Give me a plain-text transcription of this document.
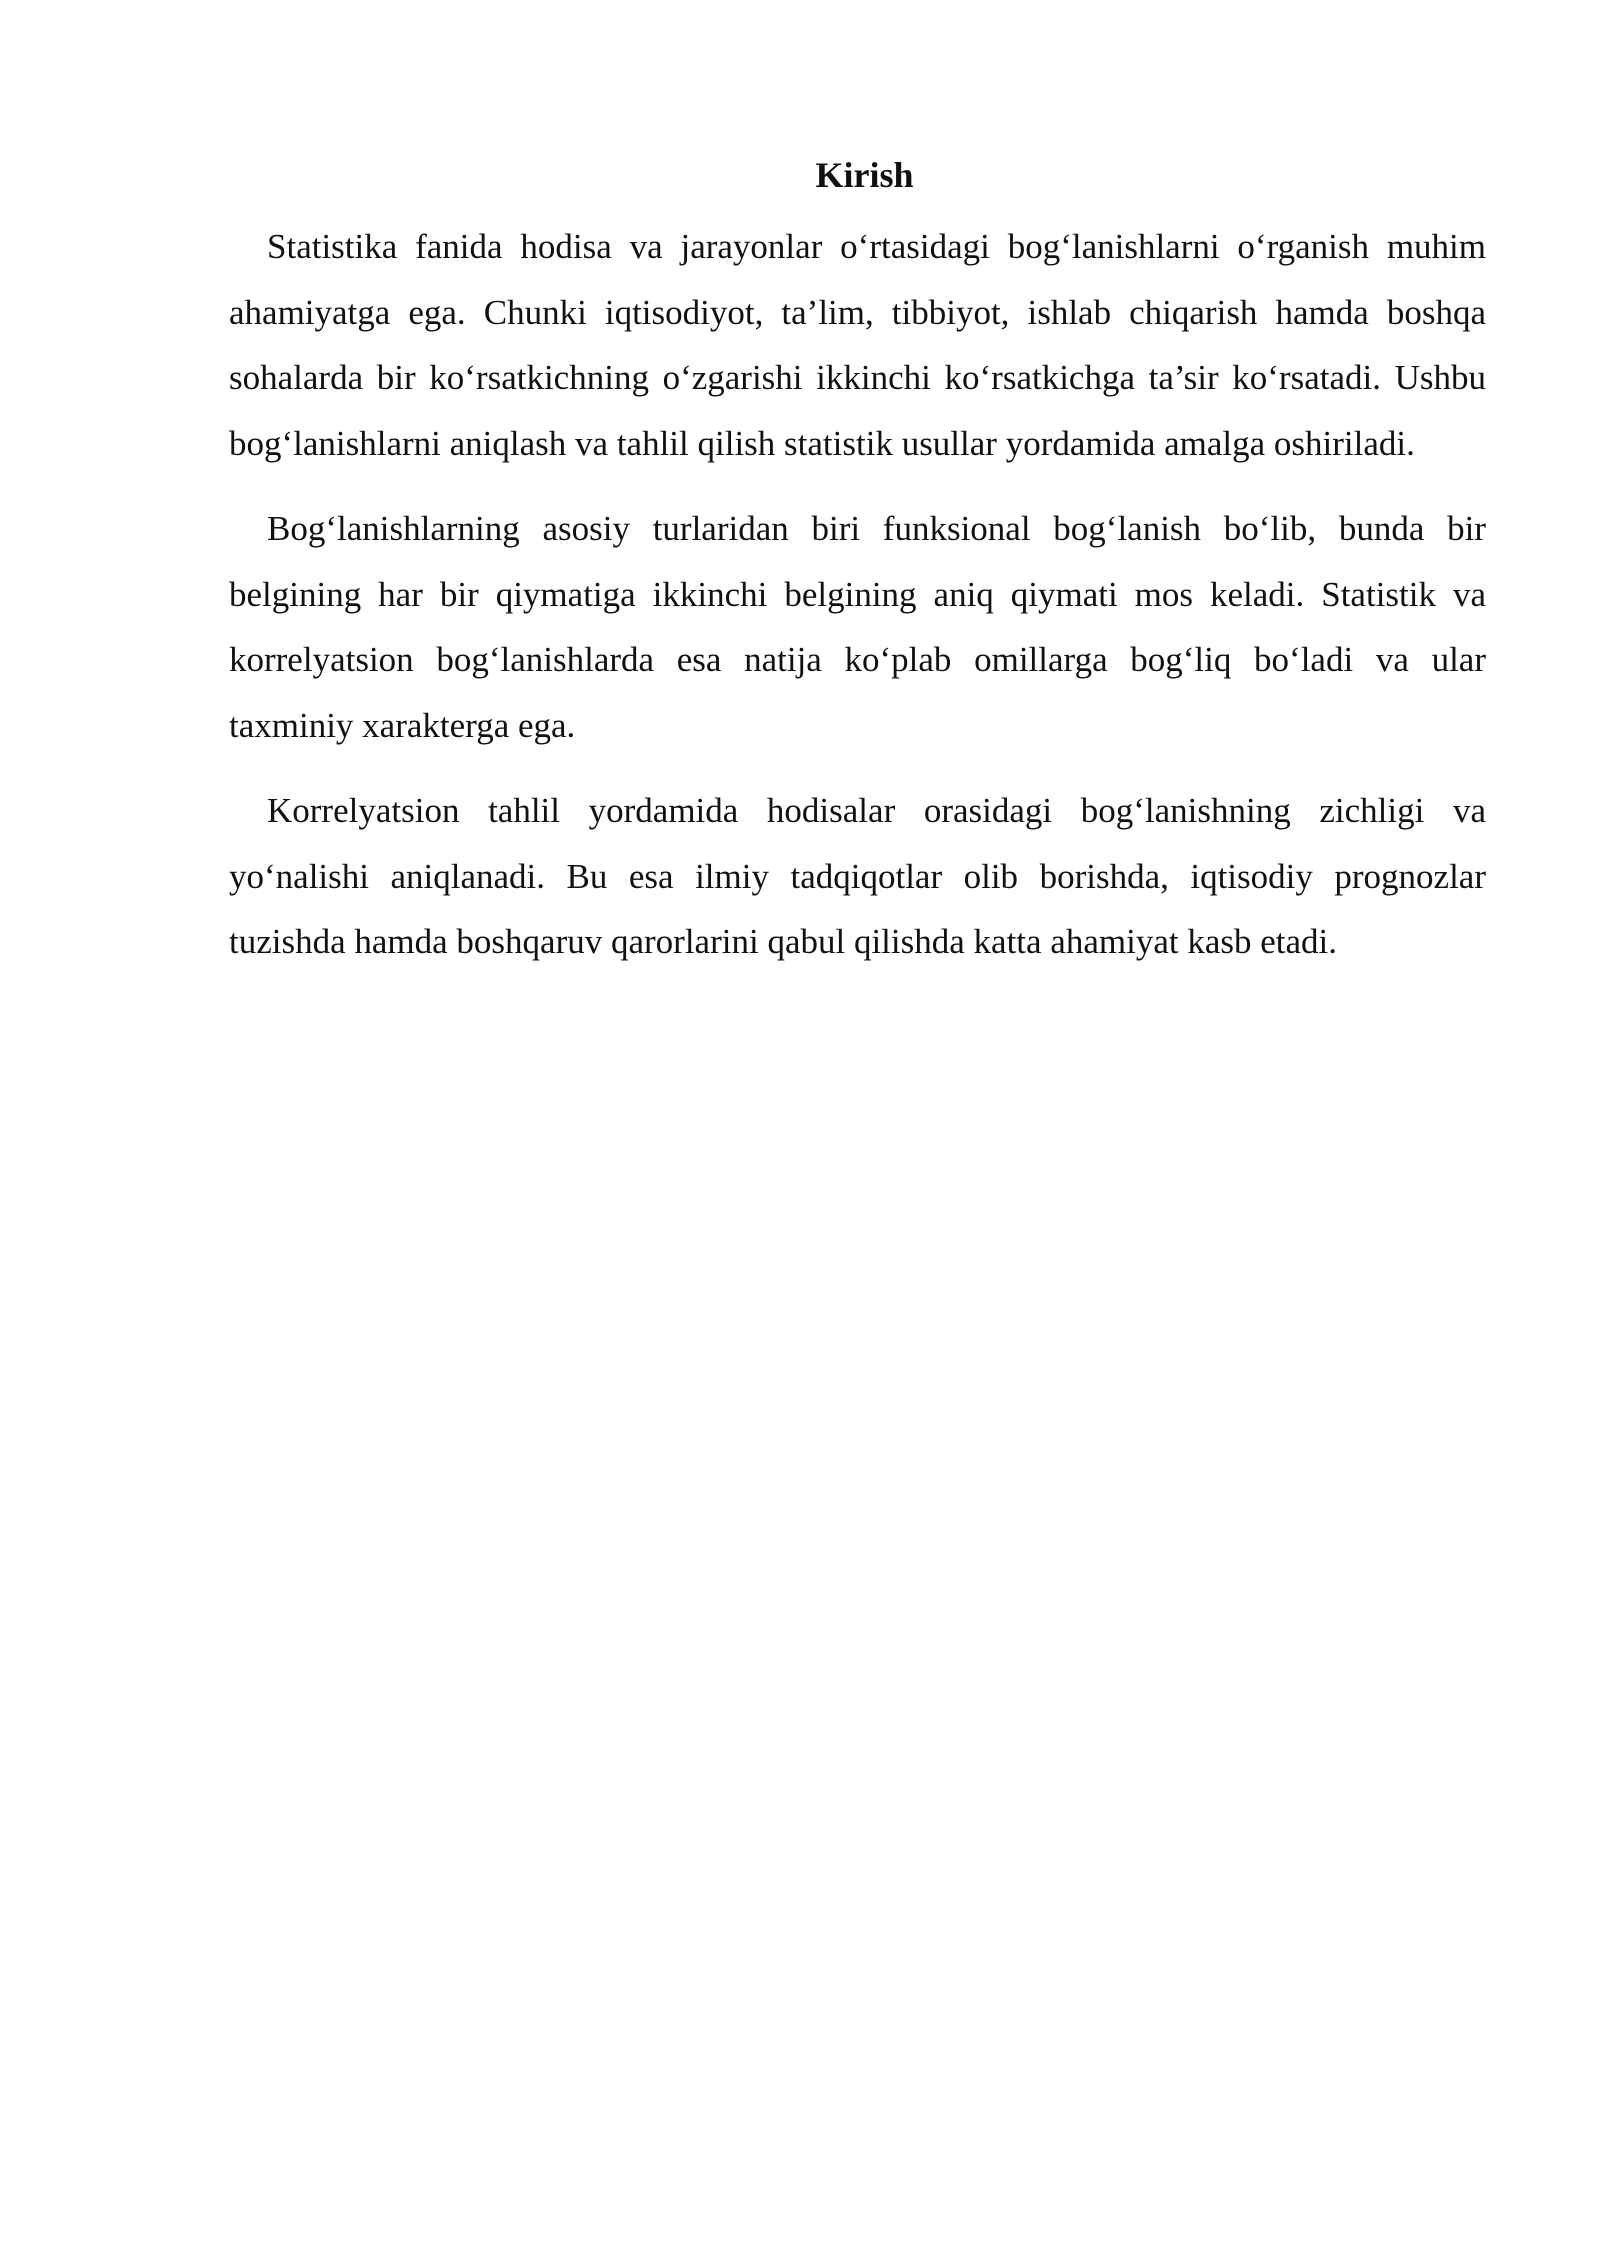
Kirish

Statistika fanida hodisa va jarayonlar o‘rtasidagi bog‘lanishlarni o‘rganish muhim ahamiyatga ega. Chunki iqtisodiyot, ta’lim, tibbiyot, ishlab chiqarish hamda boshqa sohalarda bir ko‘rsatkichning o‘zgarishi ikkinchi ko‘rsatkichga ta’sir ko‘rsatadi. Ushbu bog‘lanishlarni aniqlash va tahlil qilish statistik usullar yordamida amalga oshiriladi.

Bog‘lanishlarning asosiy turlaridan biri funksional bog‘lanish bo‘lib, bunda bir belgining har bir qiymatiga ikkinchi belgining aniq qiymati mos keladi. Statistik va korrelyatsion bog‘lanishlarda esa natija ko‘plab omillarga bog‘liq bo‘ladi va ular taxminiy xarakterga ega.

Korrelyatsion tahlil yordamida hodisalar orasidagi bog‘lanishning zichligi va yo‘nalishi aniqlanadi. Bu esa ilmiy tadqiqotlar olib borishda, iqtisodiy prognozlar tuzishda hamda boshqaruv qarorlarini qabul qilishda katta ahamiyat kasb etadi.
